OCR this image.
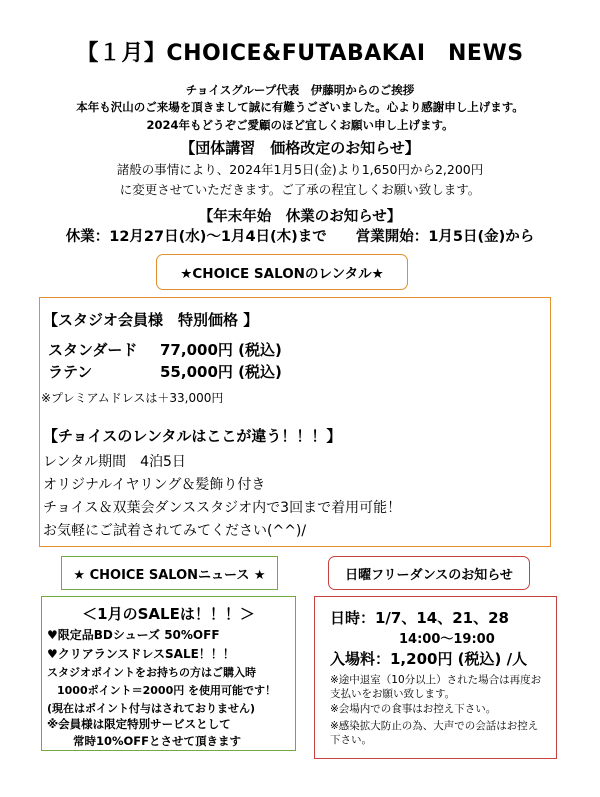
【１月】CHOICE&FUTABAKAI　NEWS
チョイスグループ代表　伊藤明からのご挨拶
本年も沢山のご来場を頂きまして誠に有難うございました。心より感謝申し上げます。
2024年もどうぞご愛顧のほど宜しくお願い申し上げます。
【団体講習　価格改定のお知らせ】
諸般の事情により、2024年1月5日(金)より1,650円から2,200円
に変更させていただきます。ご了承の程宜しくお願い致します。
【年末年始　休業のお知らせ】
休業：12月27日(水)～1月4日(木)まで　　営業開始：1月5日(金)から
★CHOICE SALONのレンタル★
【スタジオ会員様　特別価格 】
スタンダード 77,000円 (税込)
ラテン	55,000円 (税込)
※プレミアムドレスは＋33,000円
【チョイスのレンタルはここが違う！！！】
レンタル期間　4泊5日
オリジナルイヤリング＆髪飾り付き
チョイス＆双葉会ダンススタジオ内で3回まで着用可能！
お気軽にご試着されてみてください(^^)/
★ CHOICE SALONニュース ★
＜1月のSALEは！！！＞
♥限定品BDシューズ 50%OFF
♥クリアランスドレスSALE！！！
スタジオポイントをお持ちの方はご購入時
1000ポイント＝2000円 を使用可能です！
(現在はポイント付与はされておりません)
※会員様は限定特別サービスとして
常時10%OFFとさせて頂きます
日曜フリーダンスのお知らせ
日時：1/7、14、21、28
14:00～19:00
入場料：1,200円 (税込) /人
※途中退室（10分以上）された場合は再度お支払いをお願い致します。
※会場内での食事はお控え下さい。
※感染拡大防止の為、大声での会話はお控え下さい。
